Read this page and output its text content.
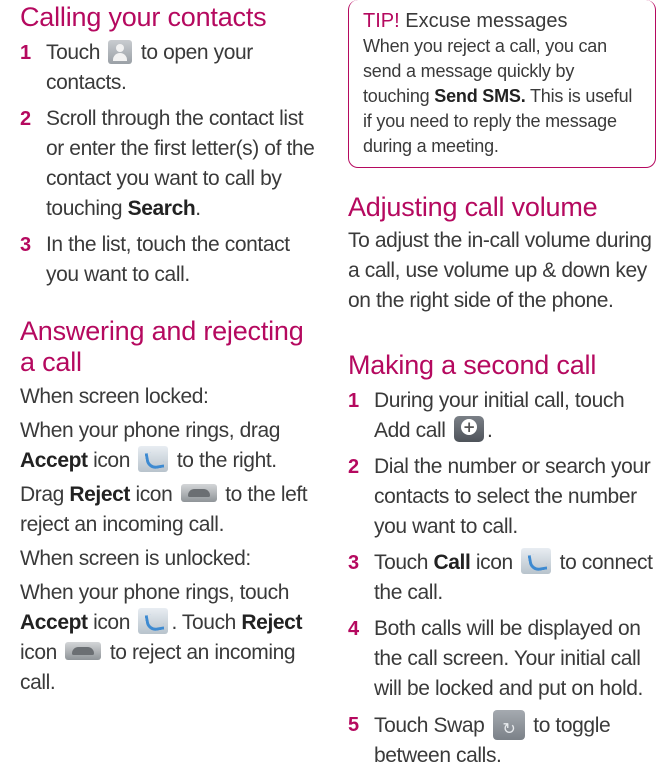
Calling your contacts
1 Touch to open your contacts.
2 Scroll through the contact list or enter the first letter(s) of the contact you want to call by touching Search.
3 In the list, touch the contact you want to call.
Answering and rejecting a call

When screen locked:

When your phone rings, drag Accept icon to the right.

Drag Reject icon	to the left reject an incoming call.

When screen is unlocked:

When your phone rings, touch Accept icon . Touch Reject icon	to reject an incoming call.

TIP! Excuse messages
When you reject a call, you can send a message quickly by touching Send SMS. This is useful if you need to reply the message during a meeting.
Adjusting call volume

To adjust the in-call volume during a call, use volume up & down key on the right side of the phone.

Making a second call
1 During your initial call, touch Add call + .
2 Dial the number or search your contacts to select the number you want to call.
3 Touch Call icon to connect the call.
4 Both calls will be displayed on the call screen. Your initial call will be locked and put on hold.
5 Touch Swap ↻ to toggle between calls.
